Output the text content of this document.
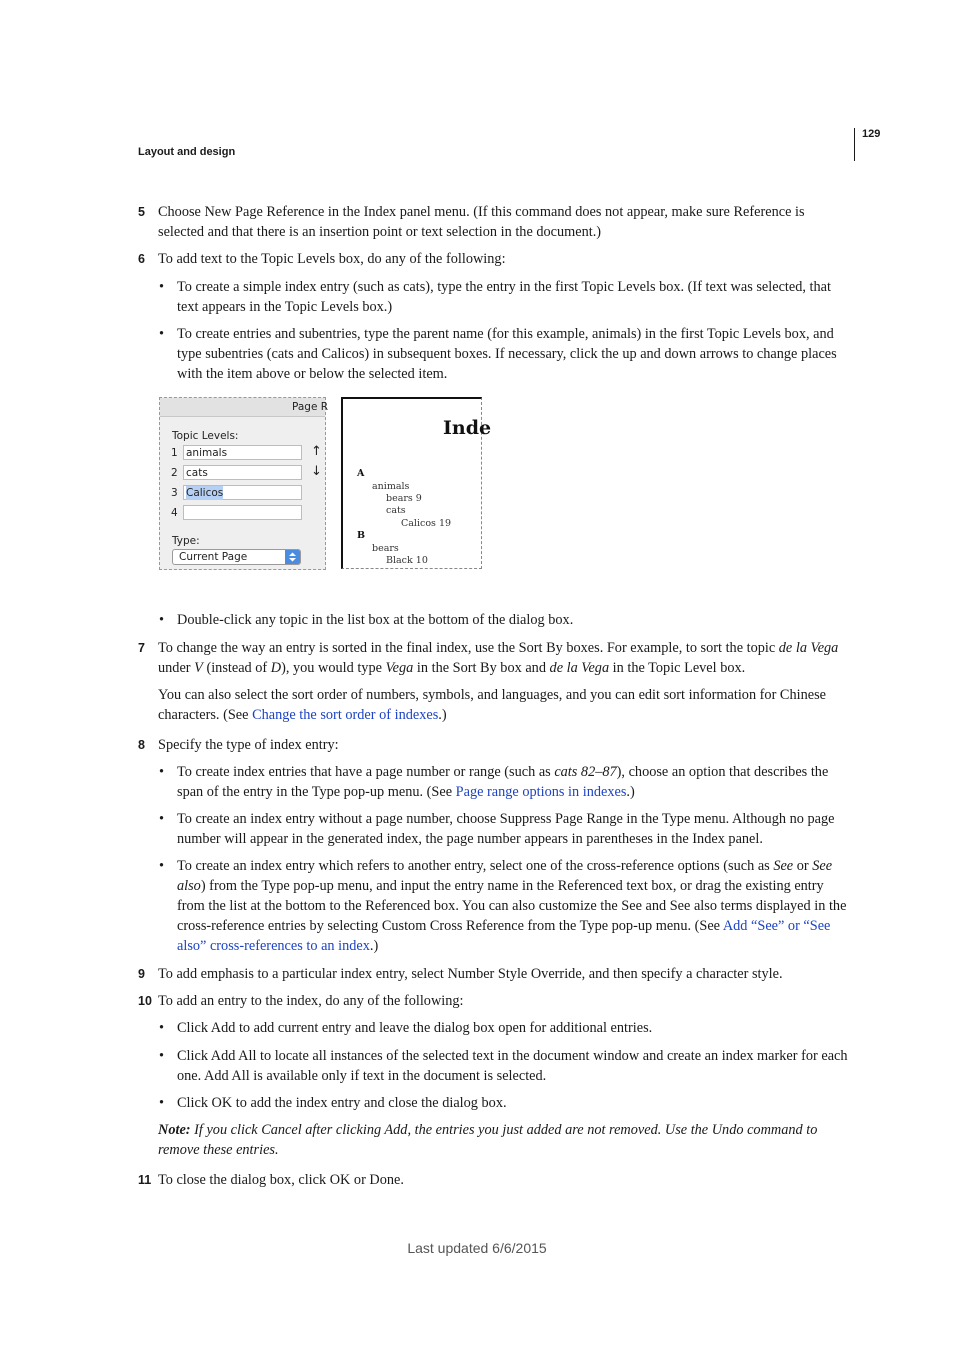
Layout and design
129
5 Choose New Page Reference in the Index panel menu. (If this command does not appear, make sure Reference is selected and that there is an insertion point or text selection in the document.)
6 To add text to the Topic Levels box, do any of the following:
• To create a simple index entry (such as cats), type the entry in the first Topic Levels box. (If text was selected, that text appears in the Topic Levels box.)
• To create entries and subentries, type the parent name (for this example, animals) in the first Topic Levels box, and type subentries (cats and Calicos) in subsequent boxes. If necessary, click the up and down arrows to change places with the item above or below the selected item.
Page R
Topic Levels:
1 animals	↑
2 cats	↓
3 Calicos
4
Type:
Current Page
Inde
A
animals
bears 9
cats
Calicos 19
B
bears
Black 10
• Double-click any topic in the list box at the bottom of the dialog box.
7 To change the way an entry is sorted in the final index, use the Sort By boxes. For example, to sort the topic de la Vega under V (instead of D), you would type Vega in the Sort By box and de la Vega in the Topic Level box.
You can also select the sort order of numbers, symbols, and languages, and you can edit sort information for Chinese characters. (See Change the sort order of indexes.)
8 Specify the type of index entry:
• To create index entries that have a page number or range (such as cats 82–87), choose an option that describes the span of the entry in the Type pop-up menu. (See Page range options in indexes.)
• To create an index entry without a page number, choose Suppress Page Range in the Type menu. Although no page number will appear in the generated index, the page number appears in parentheses in the Index panel.
• To create an index entry which refers to another entry, select one of the cross-reference options (such as See or See also) from the Type pop-up menu, and input the entry name in the Referenced text box, or drag the existing entry from the list at the bottom to the Referenced box. You can also customize the See and See also terms displayed in the cross-reference entries by selecting Custom Cross Reference from the Type pop-up menu. (See Add “See” or “See also” cross-references to an index.)
9 To add emphasis to a particular index entry, select Number Style Override, and then specify a character style.
10 To add an entry to the index, do any of the following:
• Click Add to add current entry and leave the dialog box open for additional entries.
• Click Add All to locate all instances of the selected text in the document window and create an index marker for each one. Add All is available only if text in the document is selected.
• Click OK to add the index entry and close the dialog box.
Note: If you click Cancel after clicking Add, the entries you just added are not removed. Use the Undo command to remove these entries.
11 To close the dialog box, click OK or Done.
Last updated 6/6/2015
